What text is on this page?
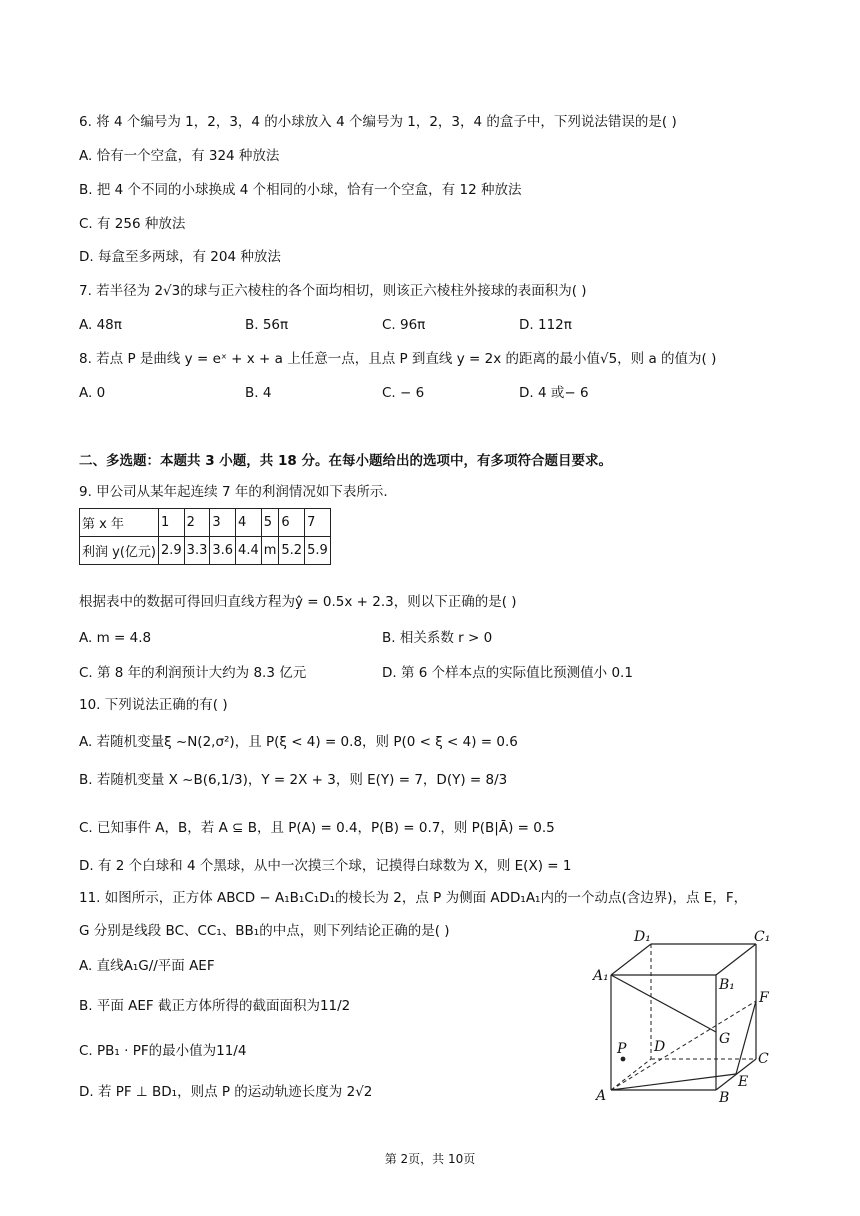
6. 将 4 个编号为 1，2，3，4 的小球放入 4 个编号为 1，2，3，4 的盒子中，下列说法错误的是( )
A. 恰有一个空盒，有 324 种放法
B. 把 4 个不同的小球换成 4 个相同的小球，恰有一个空盒，有 12 种放法
C. 有 256 种放法
D. 每盒至多两球，有 204 种放法
7. 若半径为 2√3的球与正六棱柱的各个面均相切，则该正六棱柱外接球的表面积为( )
A. 48π	B. 56π	C. 96π	D. 112π
8. 若点 P 是曲线 y = eˣ + x + a 上任意一点，且点 P 到直线 y = 2x 的距离的最小值√5，则 a 的值为( )
A. 0	B. 4	C. − 6	D. 4 或− 6
二、多选题：本题共 3 小题，共 18 分。在每小题给出的选项中，有多项符合题目要求。
9. 甲公司从某年起连续 7 年的利润情况如下表所示.
第 x 年	1	2	3	4	5	6	7
利润 y(亿元)	2.9	3.3	3.6	4.4	m	5.2	5.9
根据表中的数据可得回归直线方程为ŷ = 0.5x + 2.3，则以下正确的是( )
A. m = 4.8	B. 相关系数 r > 0
C. 第 8 年的利润预计大约为 8.3 亿元	D. 第 6 个样本点的实际值比预测值小 0.1
10. 下列说法正确的有( )
A. 若随机变量ξ ~N(2,σ²)，且 P(ξ < 4) = 0.8，则 P(0 < ξ < 4) = 0.6
B. 若随机变量 X ~B(6,1/3)，Y = 2X + 3，则 E(Y) = 7，D(Y) = 8/3
C. 已知事件 A，B，若 A ⊆ B，且 P(A) = 0.4，P(B) = 0.7，则 P(B|Ā) = 0.5
D. 有 2 个白球和 4 个黑球，从中一次摸三个球，记摸得白球数为 X，则 E(X) = 1
11. 如图所示，正方体 ABCD − A₁B₁C₁D₁的棱长为 2，点 P 为侧面 ADD₁A₁内的一个动点(含边界)，点 E，F，
G 分别是线段 BC、CC₁、BB₁的中点，则下列结论正确的是( )
A. 直线A₁G//平面 AEF
B. 平面 AEF 截正方体所得的截面面积为11/2
C. PB₁ · PF的最小值为11/4
D. 若 PF ⊥ BD₁，则点 P 的运动轨迹长度为 2√2
D₁	C₁
A₁
B₁
F
G
P D
C
E
A	B
第 2页，共 10页
